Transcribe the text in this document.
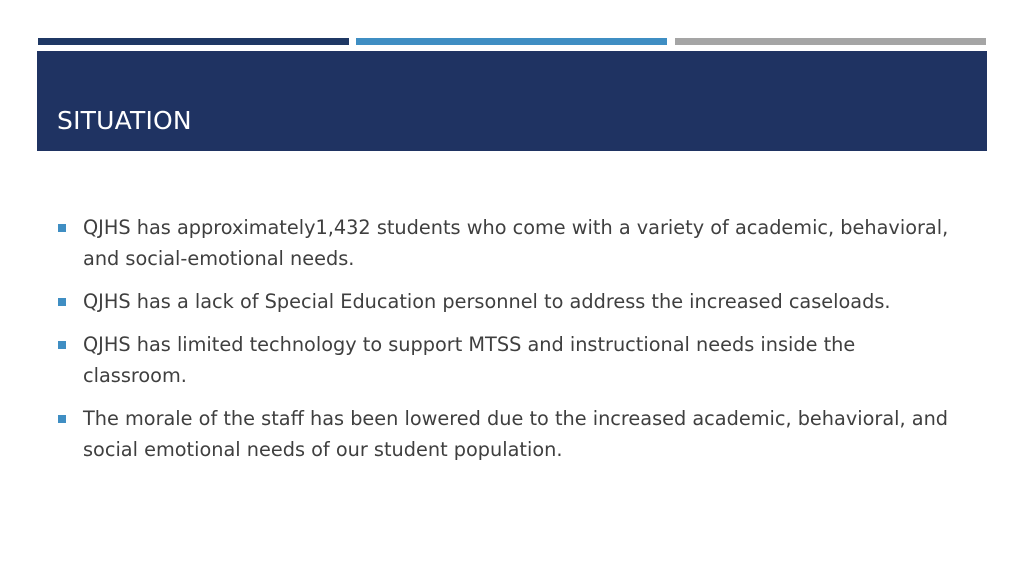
SITUATION
QJHS has approximately1,432 students who come with a variety of academic, behavioral, and social-emotional needs.
QJHS has a lack of Special Education personnel to address the increased caseloads.
QJHS has limited technology to support MTSS and instructional needs inside the classroom.
The morale of the staff has been lowered due to the increased academic, behavioral, and social emotional needs of our student population.
